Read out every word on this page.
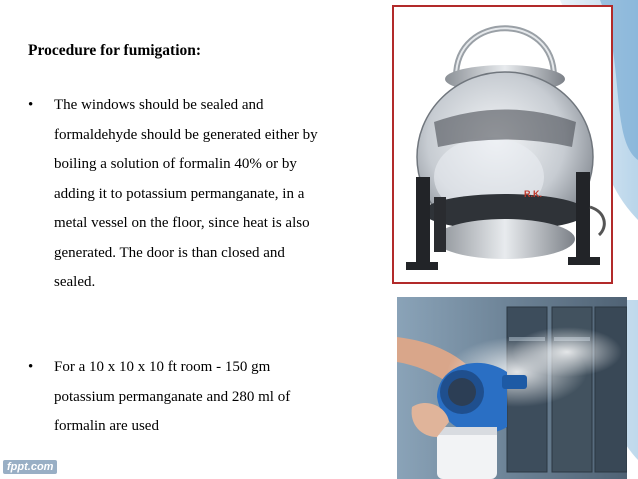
Procedure for fumigation:
•	The windows should be sealed and
formaldehyde should be generated either by
boiling a solution of formalin 40% or by
adding it to potassium permanganate, in a
metal vessel on the floor, since heat is also
generated. The door is than closed and
sealed.
•	For a 10 x 10 x 10 ft room - 150 gm
potassium permanganate and 280 ml of
formalin are used
R.K.
fppt.com
